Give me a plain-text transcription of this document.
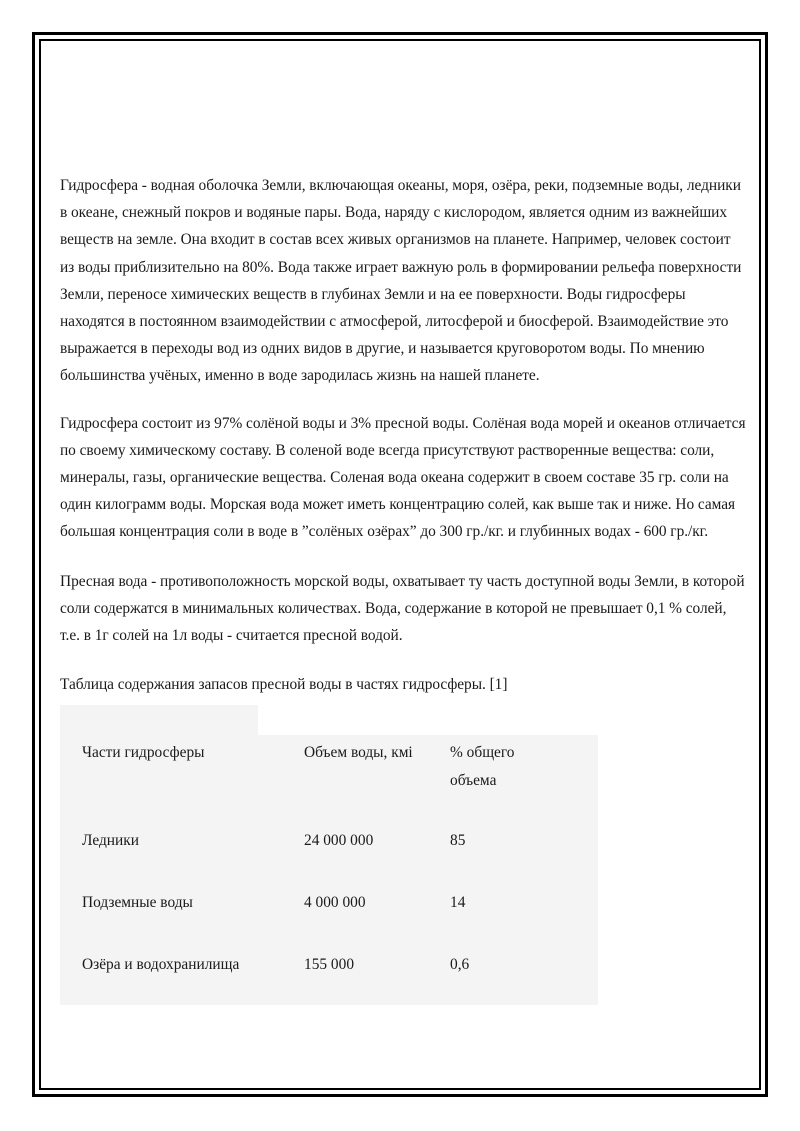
Гидросфера - водная оболочка Земли, включающая океаны, моря, озёра, реки, подземные воды, ледники в океане, снежный покров и водяные пары. Вода, наряду с кислородом, является одним из важнейших веществ на земле. Она входит в состав всех живых организмов на планете. Например, человек состоит из воды приблизительно на 80%. Вода также играет важную роль в формировании рельефа поверхности Земли, переносе химических веществ в глубинах Земли и на ее поверхности. Воды гидросферы находятся в постоянном взаимодействии с атмосферой, литосферой и биосферой. Взаимодействие это выражается в переходы вод из одних видов в другие, и называется круговоротом воды. По мнению большинства учёных, именно в воде зародилась жизнь на нашей планете.

Гидросфера состоит из 97% солёной воды и 3% пресной воды. Солёная вода морей и океанов отличается по своему химическому составу. В соленой воде всегда присутствуют растворенные вещества: соли, минералы, газы, органические вещества. Соленая вода океана содержит в своем составе 35 гр. соли на один килограмм воды. Морская вода может иметь концентрацию солей, как выше так и ниже. Но самая большая концентрация соли в воде в ”солёных озёрах” до 300 гр./кг. и глубинных водах - 600 гр./кг.

Пресная вода - противоположность морской воды, охватывает ту часть доступной воды Земли, в которой соли содержатся в минимальных количествах. Вода, содержание в которой не превышает 0,1 % солей, т.е. в 1г солей на 1л воды - считается пресной водой.

Таблица содержания запасов пресной воды в частях гидросферы. [1]

Части гидросферы	Объем воды, кмі	% общего объема
Ледники	24 000 000	85
Подземные воды	4 000 000	14
Озёра и водохранилища	155 000	0,6
